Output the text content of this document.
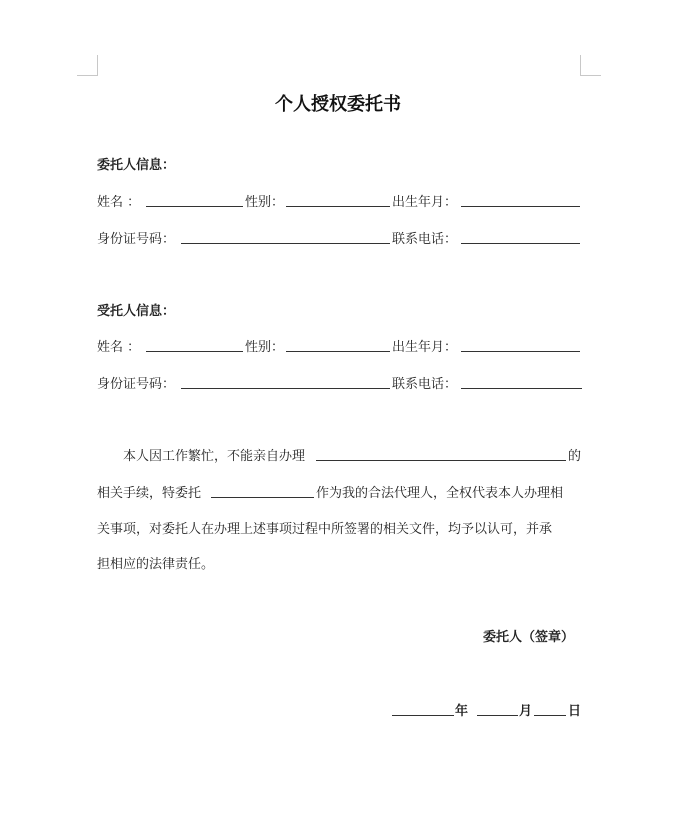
个人授权委托书
委托人信息：
姓名 ：	性别：	出生年月：
身份证号码：	联系电话：
受托人信息：
姓名 ：	性别：	出生年月：
身份证号码：	联系电话：
本人因工作繁忙，不能亲自办理	的
相关手续，特委托	作为我的合法代理人，全权代表本人办理相
关事项，对委托人在办理上述事项过程中所签署的相关文件，均予以认可，并承
担相应的法律责任。
委托人（签章）
年	月	日
